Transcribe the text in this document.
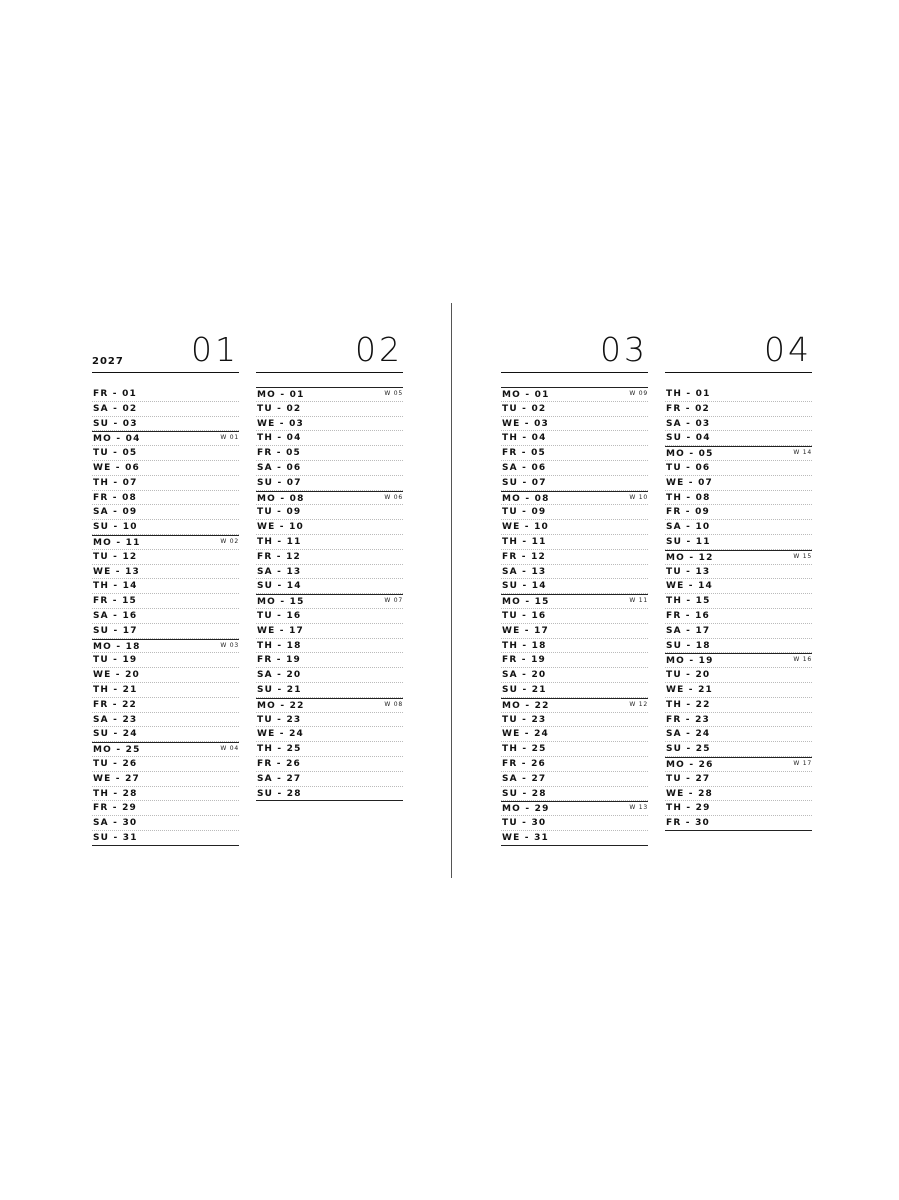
2027 01
FR - 01
SA - 02
SU - 03
MO - 04	W 01
TU - 05
WE - 06
TH - 07
FR - 08
SA - 09
SU - 10
MO - 11	W 02
TU - 12
WE - 13
TH - 14
FR - 15
SA - 16
SU - 17
MO - 18	W 03
TU - 19
WE - 20
TH - 21
FR - 22
SA - 23
SU - 24
MO - 25	W 04
TU - 26
WE - 27
TH - 28
FR - 29
SA - 30
SU - 31
02
MO - 01	W 05
TU - 02
WE - 03
TH - 04
FR - 05
SA - 06
SU - 07
MO - 08	W 06
TU - 09
WE - 10
TH - 11
FR - 12
SA - 13
SU - 14
MO - 15	W 07
TU - 16
WE - 17
TH - 18
FR - 19
SA - 20
SU - 21
MO - 22	W 08
TU - 23
WE - 24
TH - 25
FR - 26
SA - 27
SU - 28
03
MO - 01	W 09
TU - 02
WE - 03
TH - 04
FR - 05
SA - 06
SU - 07
MO - 08	W 10
TU - 09
WE - 10
TH - 11
FR - 12
SA - 13
SU - 14
MO - 15	W 11
TU - 16
WE - 17
TH - 18
FR - 19
SA - 20
SU - 21
MO - 22	W 12
TU - 23
WE - 24
TH - 25
FR - 26
SA - 27
SU - 28
MO - 29	W 13
TU - 30
WE - 31
04
TH - 01
FR - 02
SA - 03
SU - 04
MO - 05	W 14
TU - 06
WE - 07
TH - 08
FR - 09
SA - 10
SU - 11
MO - 12	W 15
TU - 13
WE - 14
TH - 15
FR - 16
SA - 17
SU - 18
MO - 19	W 16
TU - 20
WE - 21
TH - 22
FR - 23
SA - 24
SU - 25
MO - 26	W 17
TU - 27
WE - 28
TH - 29
FR - 30
